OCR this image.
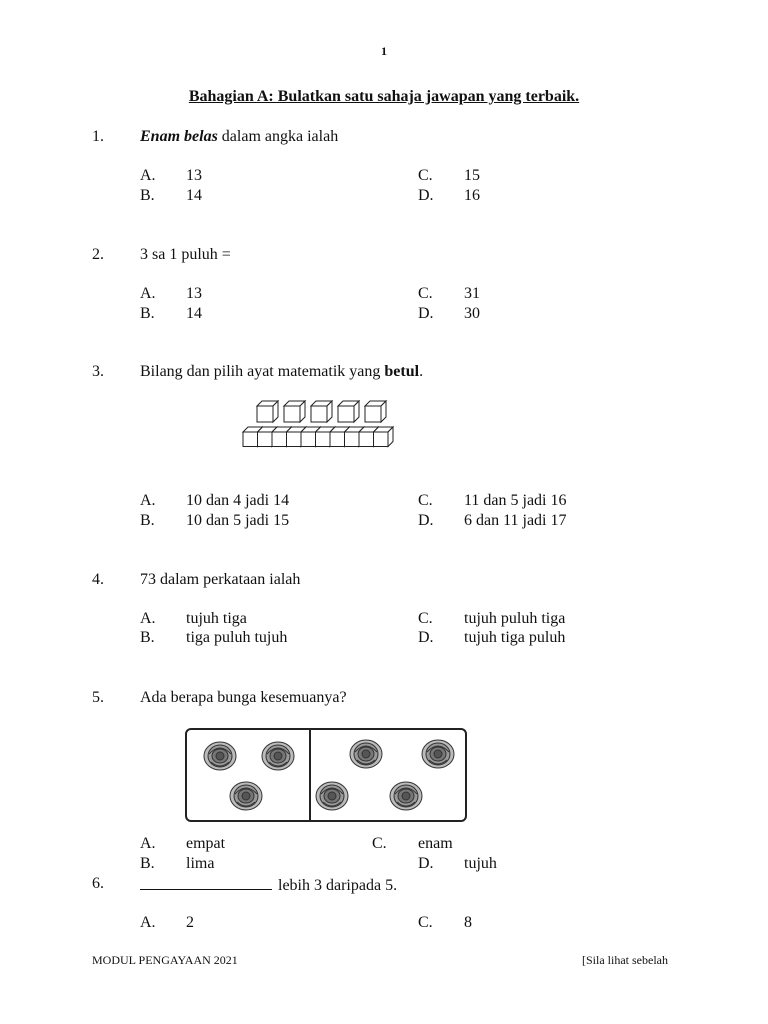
1
Bahagian A: Bulatkan satu sahaja jawapan yang terbaik.
1. Enam belas dalam angka ialah
A. 13
B. 14
C. 15
D. 16
2. 3 sa 1 puluh =
A. 13
B. 14
C. 31
D. 30
3. Bilang dan pilih ayat matematik yang betul.
A. 10 dan 4 jadi 14
B. 10 dan 5 jadi 15
C. 11 dan 5 jadi 16
D. 6 dan 11 jadi 17
4. 73 dalam perkataan ialah
A. tujuh tiga
B. tiga puluh tujuh
C. tujuh puluh tiga
D. tujuh tiga puluh
5. Ada berapa bunga kesemuanya?
A. empat
B. lima
C. enam
D. tujuh
6.	lebih 3 daripada 5.
A. 2	C. 8
MODUL PENGAYAAN 2021	[Sila lihat sebelah
